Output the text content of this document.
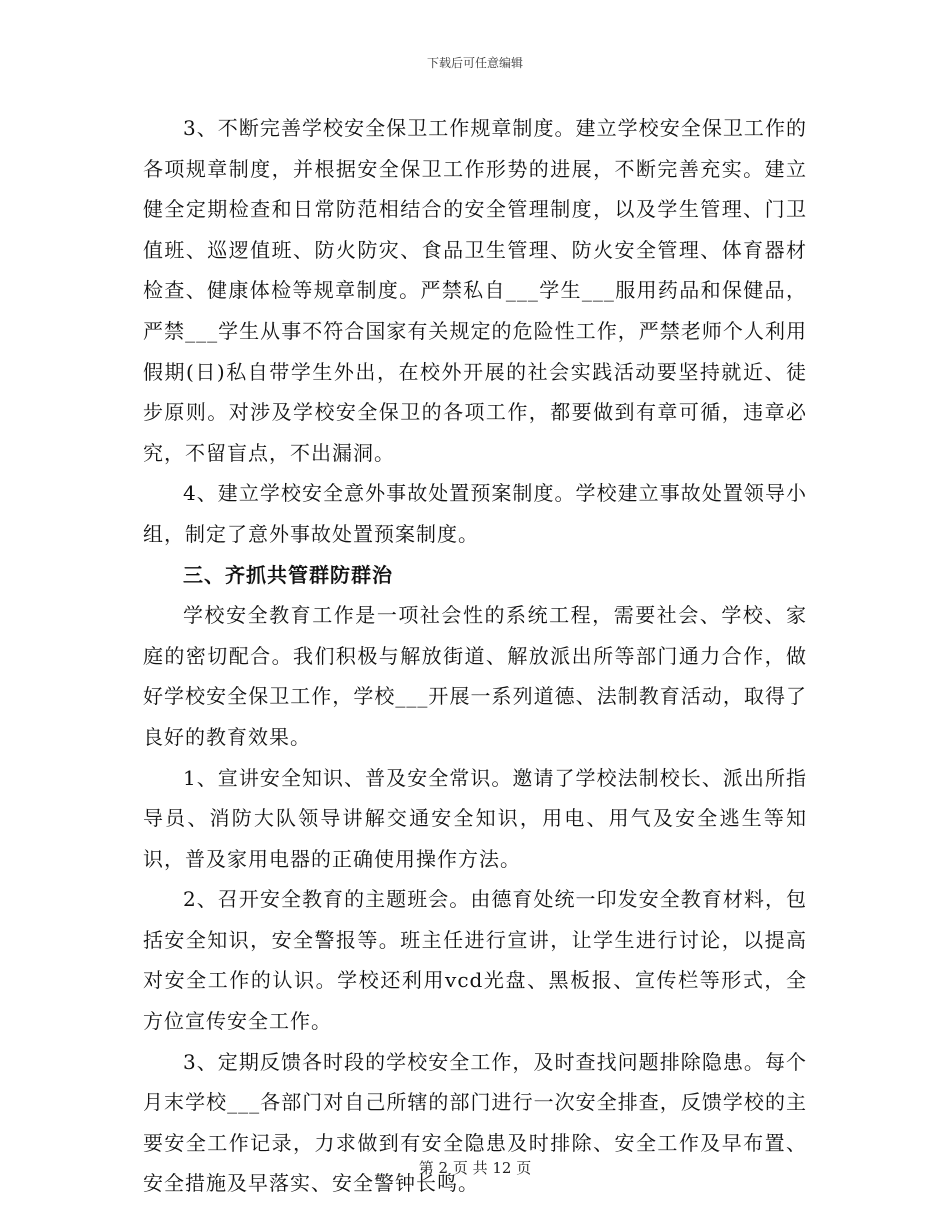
下载后可任意编辑

3、不断完善学校安全保卫工作规章制度。建立学校安全保卫工作的各项规章制度，并根据安全保卫工作形势的进展，不断完善充实。建立健全定期检查和日常防范相结合的安全管理制度，以及学生管理、门卫值班、巡逻值班、防火防灾、食品卫生管理、防火安全管理、体育器材检查、健康体检等规章制度。严禁私自___学生___服用药品和保健品，严禁___学生从事不符合国家有关规定的危险性工作，严禁老师个人利用假期(日)私自带学生外出，在校外开展的社会实践活动要坚持就近、徒步原则。对涉及学校安全保卫的各项工作，都要做到有章可循，违章必究，不留盲点，不出漏洞。

4、建立学校安全意外事故处置预案制度。学校建立事故处置领导小组，制定了意外事故处置预案制度。

三、齐抓共管群防群治

学校安全教育工作是一项社会性的系统工程，需要社会、学校、家庭的密切配合。我们积极与解放街道、解放派出所等部门通力合作，做好学校安全保卫工作，学校___开展一系列道德、法制教育活动，取得了良好的教育效果。

1、宣讲安全知识、普及安全常识。邀请了学校法制校长、派出所指导员、消防大队领导讲解交通安全知识，用电、用气及安全逃生等知识，普及家用电器的正确使用操作方法。

2、召开安全教育的主题班会。由德育处统一印发安全教育材料，包括安全知识，安全警报等。班主任进行宣讲，让学生进行讨论，以提高对安全工作的认识。学校还利用vcd光盘、黑板报、宣传栏等形式，全方位宣传安全工作。

3、定期反馈各时段的学校安全工作，及时查找问题排除隐患。每个月末学校___各部门对自己所辖的部门进行一次安全排查，反馈学校的主要安全工作记录，力求做到有安全隐患及时排除、安全工作及早布置、安全措施及早落实、安全警钟长鸣。

第 2 页 共 12 页
